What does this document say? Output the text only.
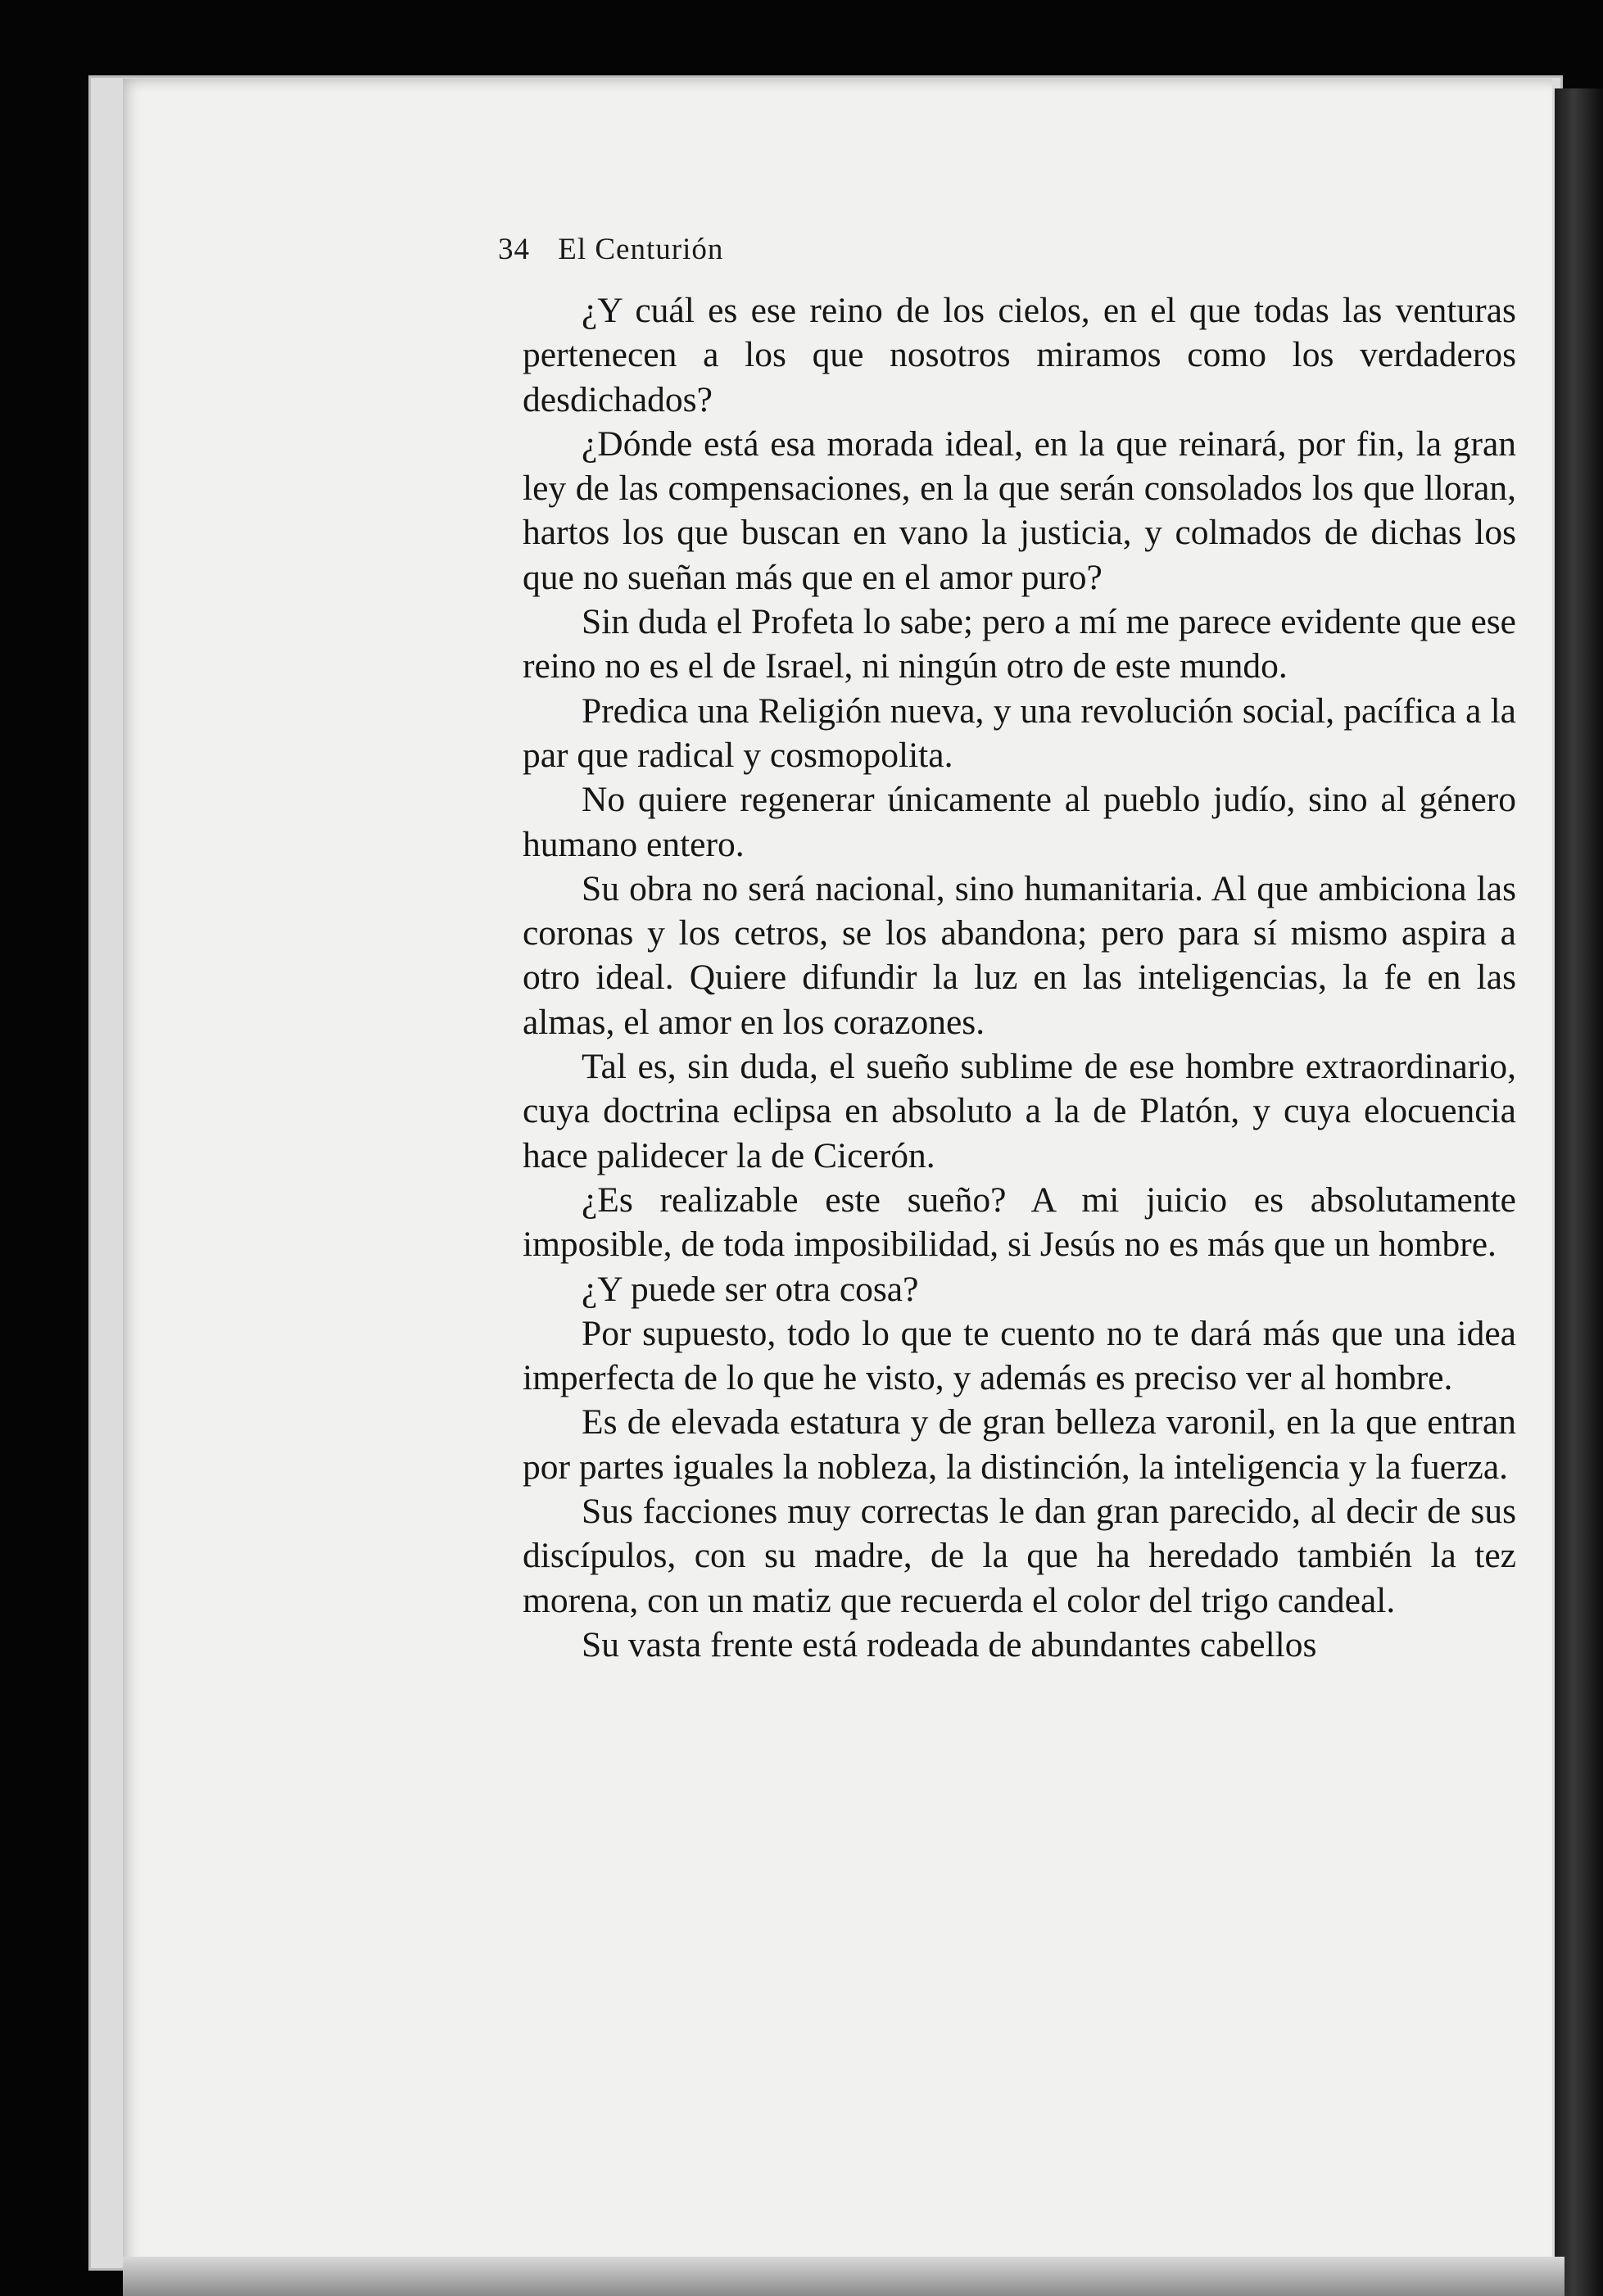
34 El Centurión

¿Y cuál es ese reino de los cielos, en el que todas las venturas pertenecen a los que nosotros miramos como los verdaderos desdichados?

¿Dónde está esa morada ideal, en la que reinará, por fin, la gran ley de las compensaciones, en la que serán consolados los que lloran, hartos los que buscan en vano la justicia, y colmados de dichas los que no sueñan más que en el amor puro?

Sin duda el Profeta lo sabe; pero a mí me parece evidente que ese reino no es el de Israel, ni ningún otro de este mundo.

Predica una Religión nueva, y una revolución social, pacífica a la par que radical y cosmopolita.

No quiere regenerar únicamente al pueblo judío, sino al género humano entero.

Su obra no será nacional, sino humanitaria. Al que ambiciona las coronas y los cetros, se los abandona; pero para sí mismo aspira a otro ideal. Quiere difundir la luz en las inteligencias, la fe en las almas, el amor en los corazones.

Tal es, sin duda, el sueño sublime de ese hombre extraordinario, cuya doctrina eclipsa en absoluto a la de Platón, y cuya elocuencia hace palidecer la de Cicerón.

¿Es realizable este sueño? A mi juicio es absolutamente imposible, de toda imposibilidad, si Jesús no es más que un hombre.

¿Y puede ser otra cosa?

Por supuesto, todo lo que te cuento no te dará más que una idea imperfecta de lo que he visto, y además es preciso ver al hombre.

Es de elevada estatura y de gran belleza varonil, en la que entran por partes iguales la nobleza, la distinción, la inteligencia y la fuerza.

Sus facciones muy correctas le dan gran parecido, al decir de sus discípulos, con su madre, de la que ha heredado también la tez morena, con un matiz que recuerda el color del trigo candeal.

Su vasta frente está rodeada de abundantes cabellos
